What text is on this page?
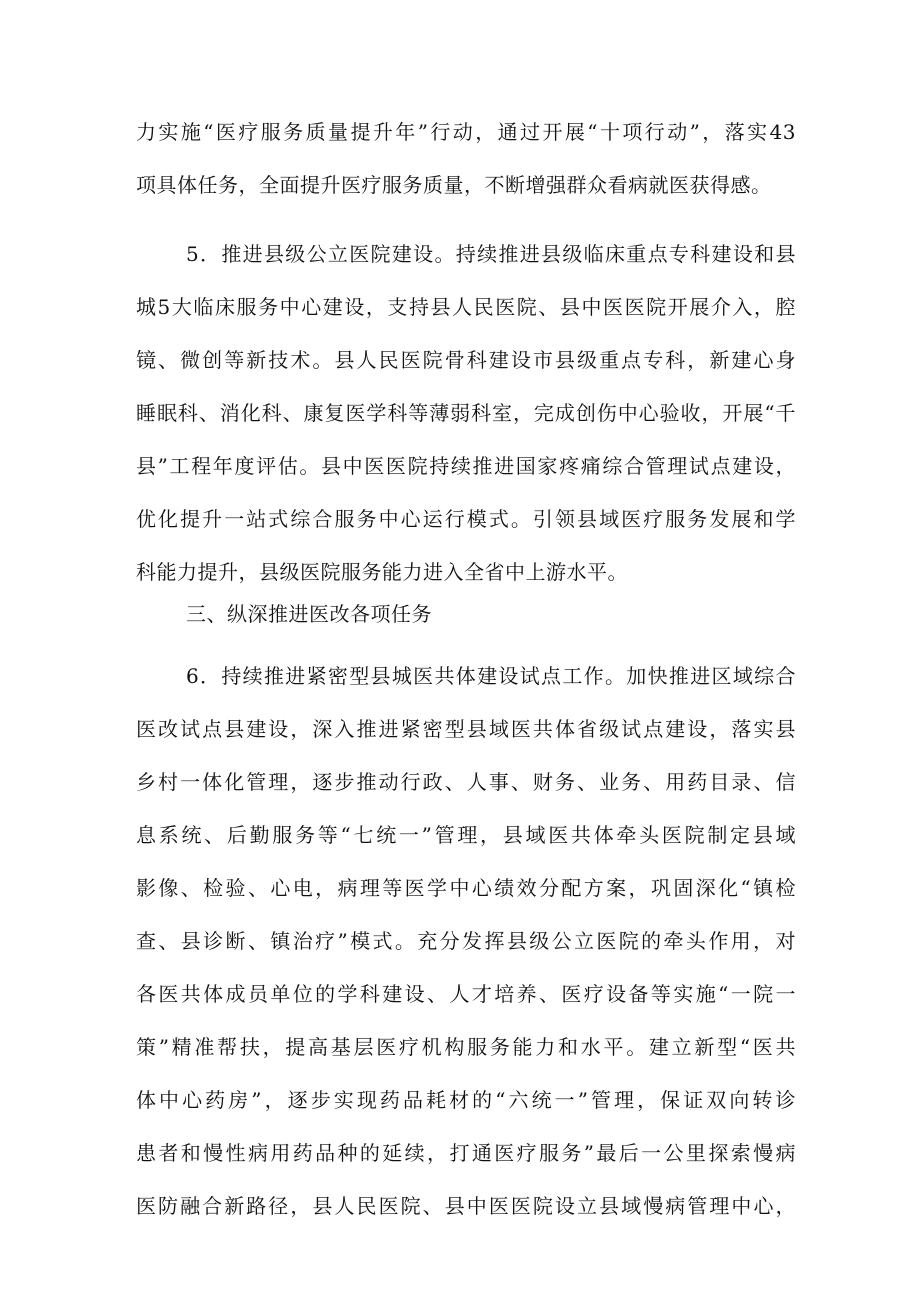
力实施“医疗服务质量提升年”行动，通过开展“十项行动”，落实43
项具体任务，全面提升医疗服务质量，不断增强群众看病就医获得感。
5．推进县级公立医院建设。持续推进县级临床重点专科建设和县
城5大临床服务中心建设，支持县人民医院、县中医医院开展介入，腔
镜、微创等新技术。县人民医院骨科建设市县级重点专科，新建心身
睡眠科、消化科、康复医学科等薄弱科室，完成创伤中心验收，开展“千
县”工程年度评估。县中医医院持续推进国家疼痛综合管理试点建设，
优化提升一站式综合服务中心运行模式。引领县域医疗服务发展和学
科能力提升，县级医院服务能力进入全省中上游水平。
三、纵深推进医改各项任务
6．持续推进紧密型县城医共体建设试点工作。加快推进区域综合
医改试点县建设，深入推进紧密型县域医共体省级试点建设，落实县
乡村一体化管理，逐步推动行政、人事、财务、业务、用药目录、信
息系统、后勤服务等“七统一”管理，县域医共体牵头医院制定县域
影像、检验、心电，病理等医学中心绩效分配方案，巩固深化“镇检
查、县诊断、镇治疗”模式。充分发挥县级公立医院的牵头作用，对
各医共体成员单位的学科建设、人才培养、医疗设备等实施“一院一
策”精准帮扶，提高基层医疗机构服务能力和水平。建立新型“医共
体中心药房”，逐步实现药品耗材的“六统一”管理，保证双向转诊
患者和慢性病用药品种的延续，打通医疗服务”最后一公里探索慢病
医防融合新路径，县人民医院、县中医医院设立县域慢病管理中心，
